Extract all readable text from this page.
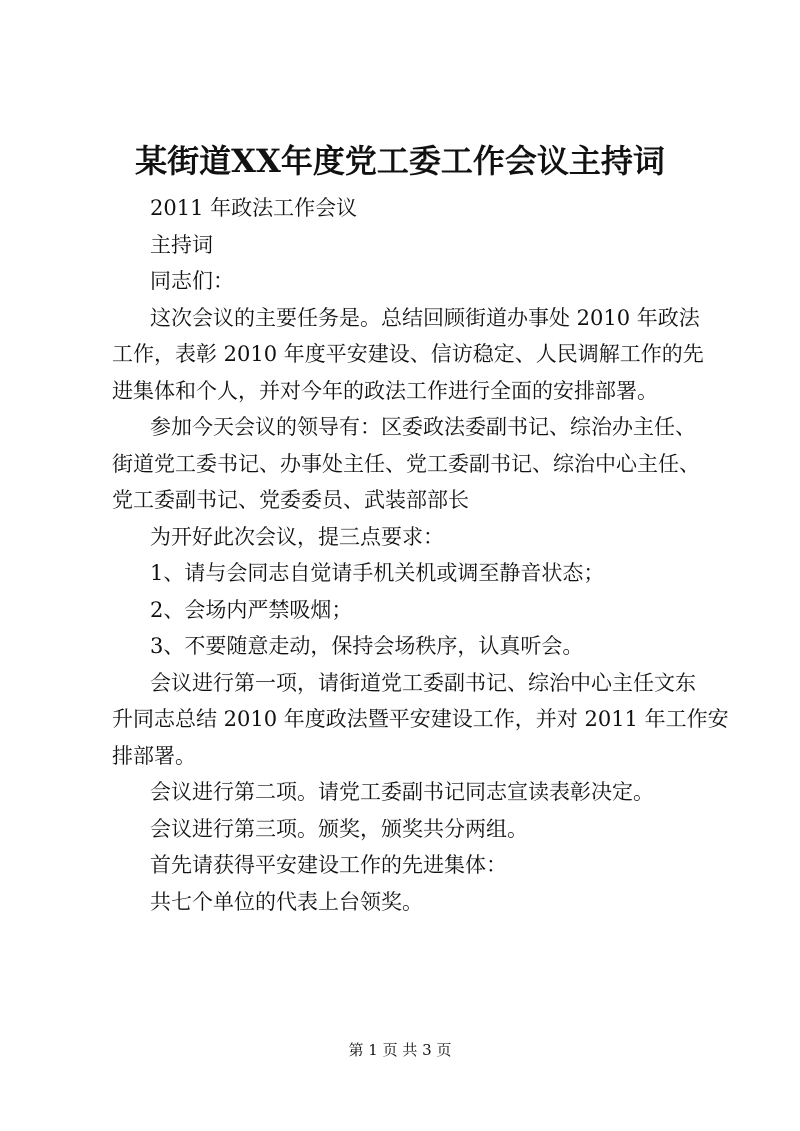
某街道XX年度党工委工作会议主持词
2011 年政法工作会议
主持词
同志们：
这次会议的主要任务是。总结回顾街道办事处 2010 年政法
工作，表彰 2010 年度平安建设、信访稳定、人民调解工作的先
进集体和个人，并对今年的政法工作进行全面的安排部署。
参加今天会议的领导有：区委政法委副书记、综治办主任、
街道党工委书记、办事处主任、党工委副书记、综治中心主任、
党工委副书记、党委委员、武装部部长
为开好此次会议，提三点要求：
1、请与会同志自觉请手机关机或调至静音状态；
2、会场内严禁吸烟；
3、不要随意走动，保持会场秩序，认真听会。
会议进行第一项，请街道党工委副书记、综治中心主任文东
升同志总结 2010 年度政法暨平安建设工作，并对 2011 年工作安
排部署。
会议进行第二项。请党工委副书记同志宣读表彰决定。
会议进行第三项。颁奖，颁奖共分两组。
首先请获得平安建设工作的先进集体：
共七个单位的代表上台领奖。
第 1 页 共 3 页
